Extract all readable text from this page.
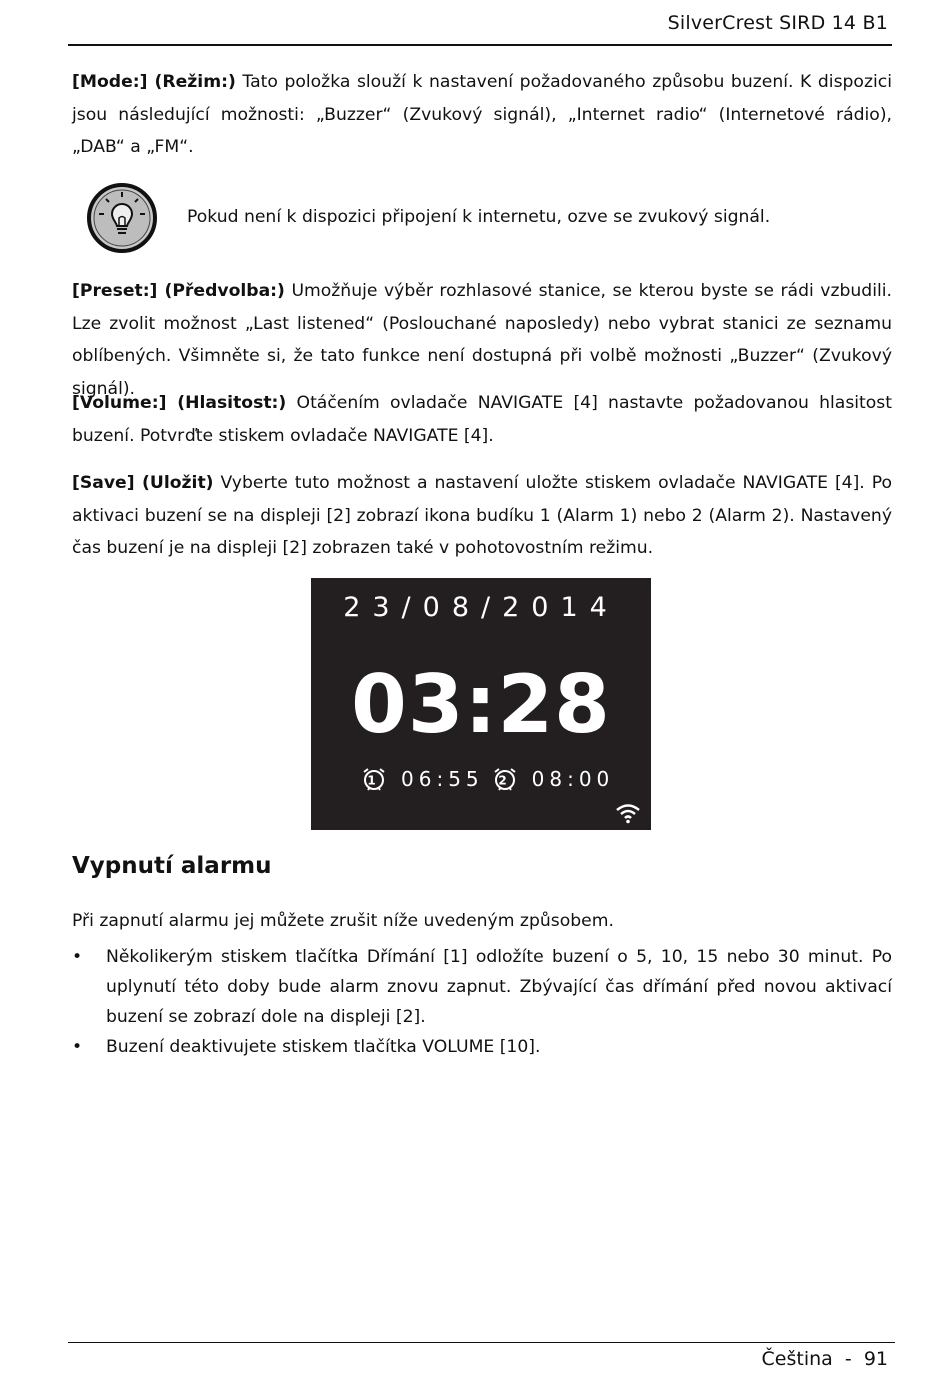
SilverCrest SIRD 14 B1
[Mode:] (Režim:) Tato položka slouží k nastavení požadovaného způsobu buzení. K dispozici jsou následující možnosti: „Buzzer“ (Zvukový signál), „Internet radio“ (Internetové rádio), „DAB“ a „FM“.
Pokud není k dispozici připojení k internetu, ozve se zvukový signál.
[Preset:] (Předvolba:) Umožňuje výběr rozhlasové stanice, se kterou byste se rádi vzbudili. Lze zvolit možnost „Last listened“ (Poslouchané naposledy) nebo vybrat stanici ze seznamu oblíbených. Všimněte si, že tato funkce není dostupná při volbě možnosti „Buzzer“ (Zvukový signál).
[Volume:] (Hlasitost:) Otáčením ovladače NAVIGATE [4] nastavte požadovanou hlasitost buzení. Potvrďte stiskem ovladače NAVIGATE [4].
[Save] (Uložit) Vyberte tuto možnost a nastavení uložte stiskem ovladače NAVIGATE [4]. Po aktivaci buzení se na displeji [2] zobrazí ikona budíku 1 (Alarm 1) nebo 2 (Alarm 2). Nastavený čas buzení je na displeji [2] zobrazen také v pohotovostním režimu.
23/08/2014
03:28
1 06:55 2 08:00
Vypnutí alarmu
Při zapnutí alarmu jej můžete zrušit níže uvedeným způsobem.
• Několikerým stiskem tlačítka Dřímání [1] odložíte buzení o 5, 10, 15 nebo 30 minut. Po uplynutí této doby bude alarm znovu zapnut. Zbývající čas dřímání před novou aktivací buzení se zobrazí dole na displeji [2].
• Buzení deaktivujete stiskem tlačítka VOLUME [10].
Čeština  -  91
